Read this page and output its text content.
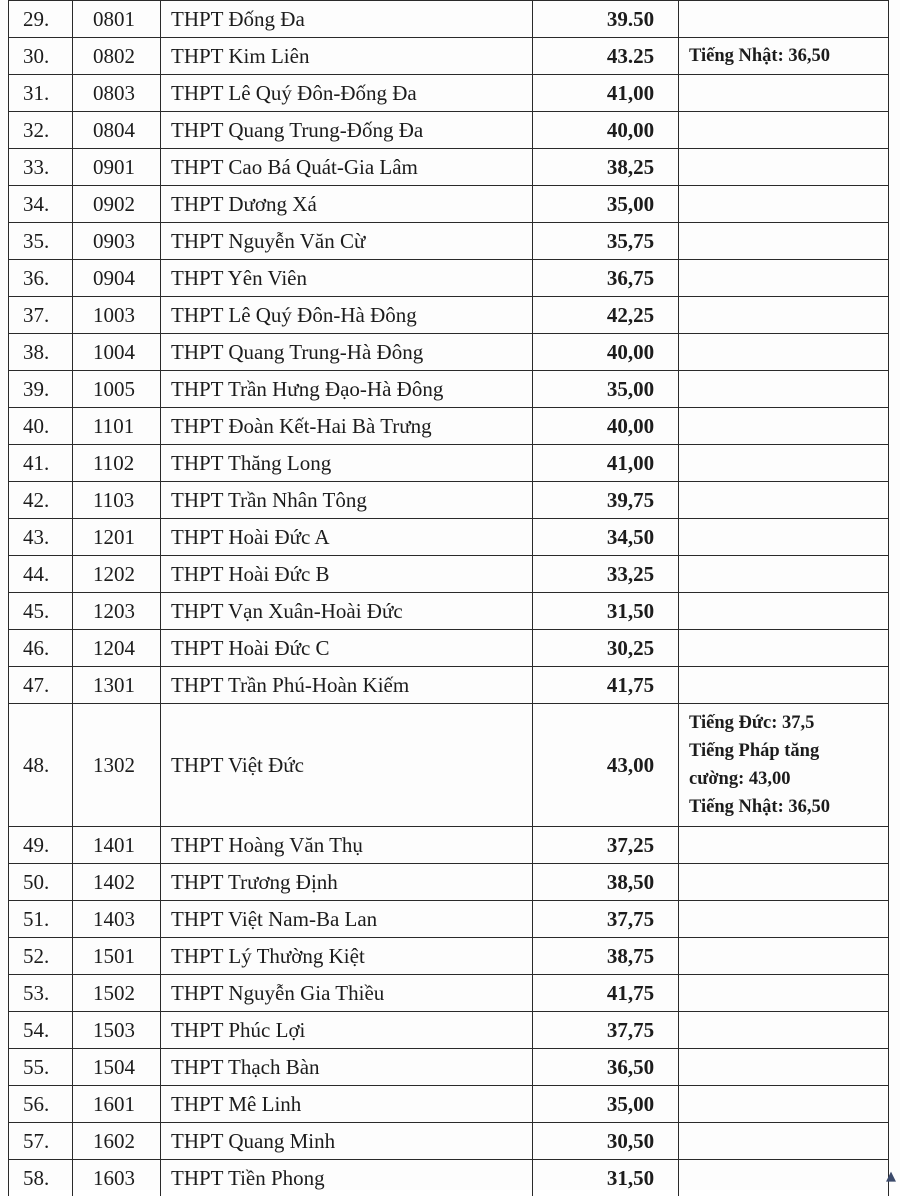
29.	0801	THPT Đống Đa	39.50	
30.	0802	THPT Kim Liên	43.25	Tiếng Nhật: 36,50

31.	0803	THPT Lê Quý Đôn-Đống Đa	41,00	
32.	0804	THPT Quang Trung-Đống Đa	40,00	
33.	0901	THPT Cao Bá Quát-Gia Lâm	38,25	
34.	0902	THPT Dương Xá	35,00	
35.	0903	THPT Nguyễn Văn Cừ	35,75	
36.	0904	THPT Yên Viên	36,75	
37.	1003	THPT Lê Quý Đôn-Hà Đông	42,25	
38.	1004	THPT Quang Trung-Hà Đông	40,00	
39.	1005	THPT Trần Hưng Đạo-Hà Đông	35,00	
40.	1101	THPT Đoàn Kết-Hai Bà Trưng	40,00	
41.	1102	THPT Thăng Long	41,00	
42.	1103	THPT Trần Nhân Tông	39,75	
43.	1201	THPT Hoài Đức A	34,50	
44.	1202	THPT Hoài Đức B	33,25	
45.	1203	THPT Vạn Xuân-Hoài Đức	31,50	
46.	1204	THPT Hoài Đức C	30,25	
47.	1301	THPT Trần Phú-Hoàn Kiếm	41,75	
48.	1302	THPT Việt Đức	43,00	Tiếng Đức: 37,5
Tiếng Pháp tăng
cường: 43,00
Tiếng Nhật: 36,50

49.	1401	THPT Hoàng Văn Thụ	37,25	
50.	1402	THPT Trương Định	38,50	
51.	1403	THPT Việt Nam-Ba Lan	37,75	
52.	1501	THPT Lý Thường Kiệt	38,75	
53.	1502	THPT Nguyễn Gia Thiều	41,75	
54.	1503	THPT Phúc Lợi	37,75	
55.	1504	THPT Thạch Bàn	36,50	
56.	1601	THPT Mê Linh	35,00	
57.	1602	THPT Quang Minh	30,50	
58.	1603	THPT Tiền Phong	31,50		▲
